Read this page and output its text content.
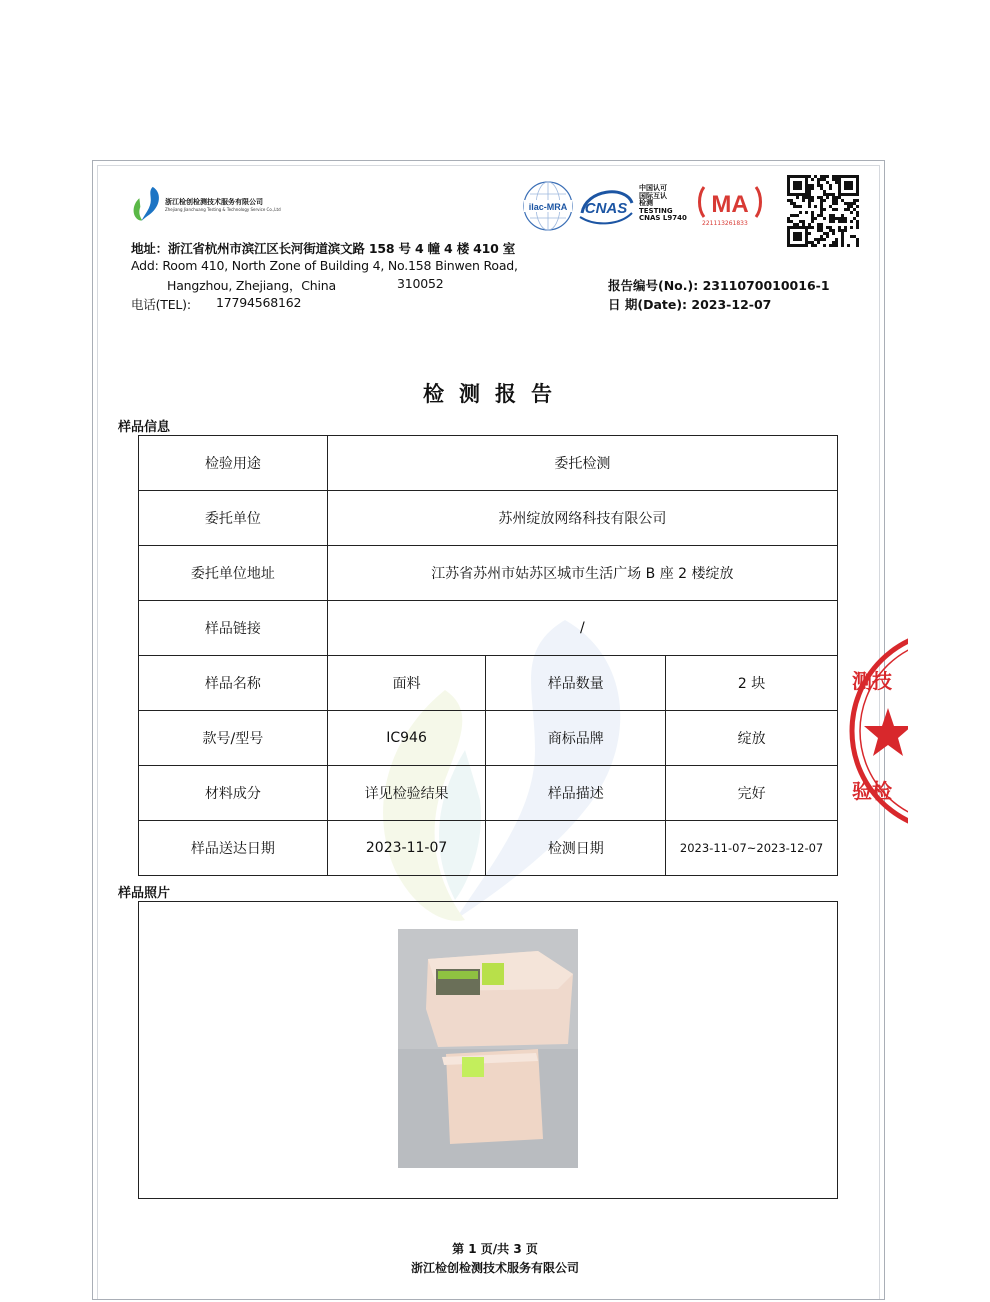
浙江检创检测技术服务有限公司
Zhejiang Jianchuang Testing & Technology Service Co.,Ltd	ilac-MRA CNAS
中国认可
国际互认
检测
TESTING
CNAS L9740 MA
221113261833
地址：浙江省杭州市滨江区长河街道滨文路 158 号 4 幢 4 楼 410 室
Add: Room 410, North Zone of Building 4, No.158 Binwen Road,
Hangzhou, Zhejiang，China	310052
电话(TEL): 17794568162
报告编号(No.): 2311070010016-1
日 期(Date): 2023-12-07
检测报告
样品信息
检验用途	委托检测		
委托单位	苏州绽放网络科技有限公司		
委托单位地址	江苏省苏州市姑苏区城市生活广场 B 座 2 楼绽放		
样品链接	/		
样品名称	面料	样品数量	2 块
款号/型号	IC946	商标品牌	绽放
材料成分	详见检验结果	样品描述	完好
样品送达日期	2023-11-07	检测日期	2023-11-07~2023-12-07
样品照片
测技
验检
第 1 页/共 3 页
浙江检创检测技术服务有限公司
